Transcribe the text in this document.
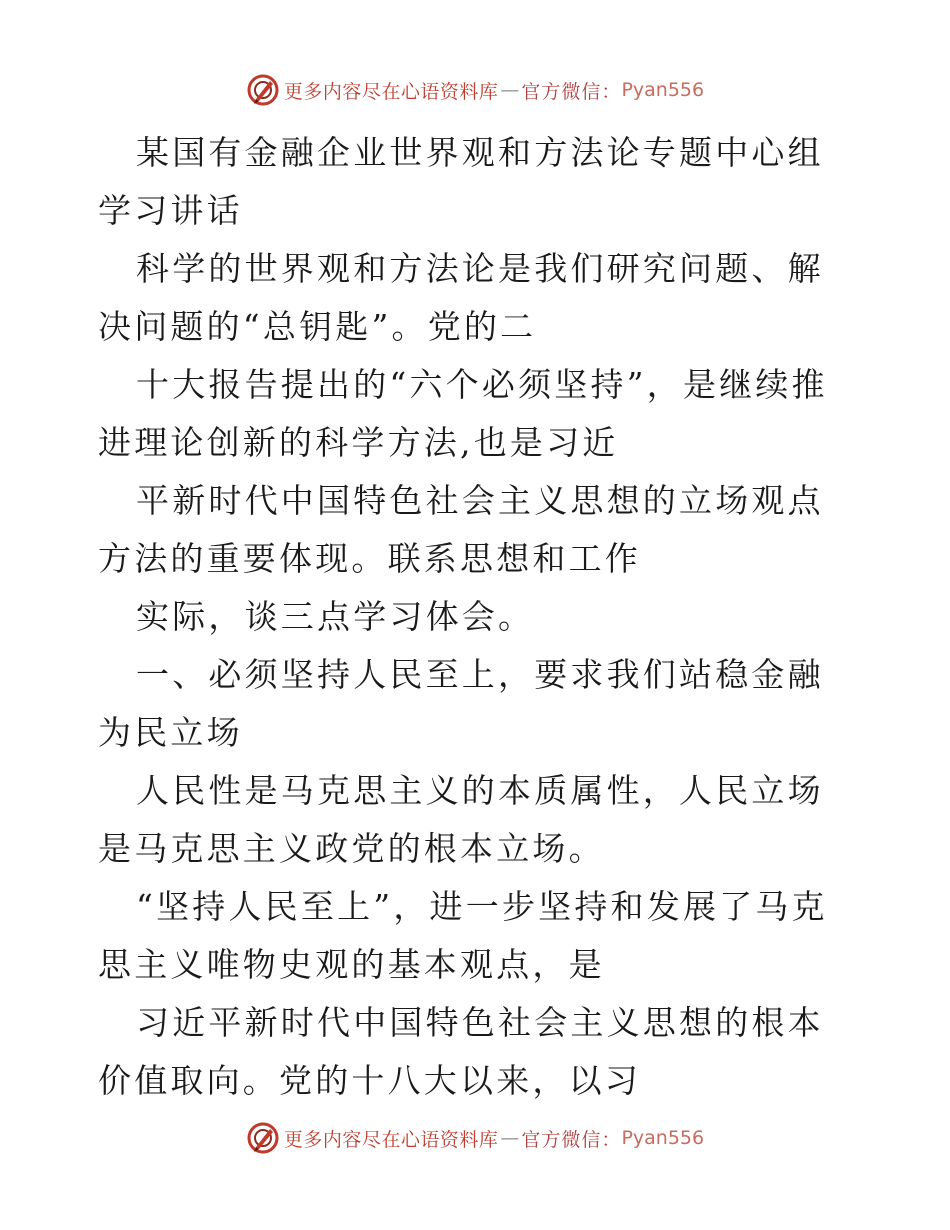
更多内容尽在心语资料库 — 官方微信： Pyan556

某国有金融企业世界观和方法论专题中心组学习讲话

科学的世界观和方法论是我们研究问题、解决问题的“总钥匙”。党的二

十大报告提出的“六个必须坚持”，是继续推进理论创新的科学方法,也是习近

平新时代中国特色社会主义思想的立场观点方法的重要体现。联系思想和工作

实际，谈三点学习体会。

一、必须坚持人民至上，要求我们站稳金融为民立场

人民性是马克思主义的本质属性，人民立场是马克思主义政党的根本立场。

“坚持人民至上”，进一步坚持和发展了马克思主义唯物史观的基本观点，是

习近平新时代中国特色社会主义思想的根本价值取向。党的十八大以来，以习

更多内容尽在心语资料库 — 官方微信： Pyan556
